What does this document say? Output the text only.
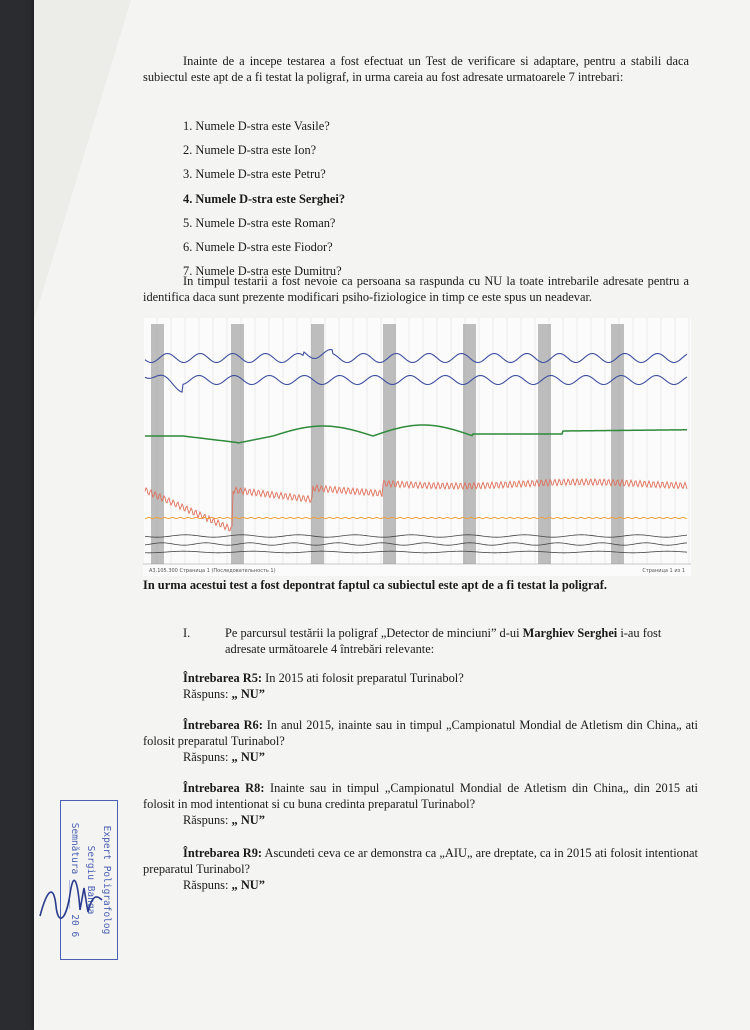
Inainte de a incepe testarea a fost efectuat un Test de verificare si adaptare, pentru a stabili daca subiectul este apt de a fi testat la poligraf, in urma careia au fost adresate urmatoarele 7 intrebari:
1. Numele D-stra este Vasile?
2. Numele D-stra este Ion?
3. Numele D-stra este Petru?
4. Numele D-stra este Serghei?
5. Numele D-stra este Roman?
6. Numele D-stra este Fiodor?
7. Numele D-stra este Dumitru?
In timpul testarii a fost nevoie ca persoana sa raspunda cu NU la toate intrebarile adresate pentru a identifica daca sunt prezente modificari psiho-fiziologice in timp ce este spus un neadevar.
A3.105.300 Cтраница 1 (Последовательность 1)	Страница 1 из 1
In urma acestui test a fost depontrat faptul ca subiectul este apt de a fi testat la poligraf.
I.	Pe parcursul testării la poligraf „Detector de minciuni” d-ui Marghiev Serghei i-au fost adresate următoarele 4 întrebări relevante:
Întrebarea R5: In 2015 ati folosit preparatul Turinabol?
Răspuns: „ NU”
Întrebarea R6: In anul 2015, inainte sau in timpul „Campionatul Mondial de Atletism din China„ ati folosit preparatul Turinabol?
Răspuns: „ NU”
Întrebarea R8: Inainte sau in timpul „Campionatul Mondial de Atletism din China„ din 2015 ati folosit in mod intentionat si cu buna credinta preparatul Turinabol?
Răspuns: „ NU”
Întrebarea R9: Ascundeti ceva ce ar demonstra ca „AIU„ are dreptate, ca in 2015 ati folosit intentionat preparatul Turinabol?
Răspuns: „ NU”
Expert Poligrafolog
Sergiu Banga
Semnătura _____ 20 6
